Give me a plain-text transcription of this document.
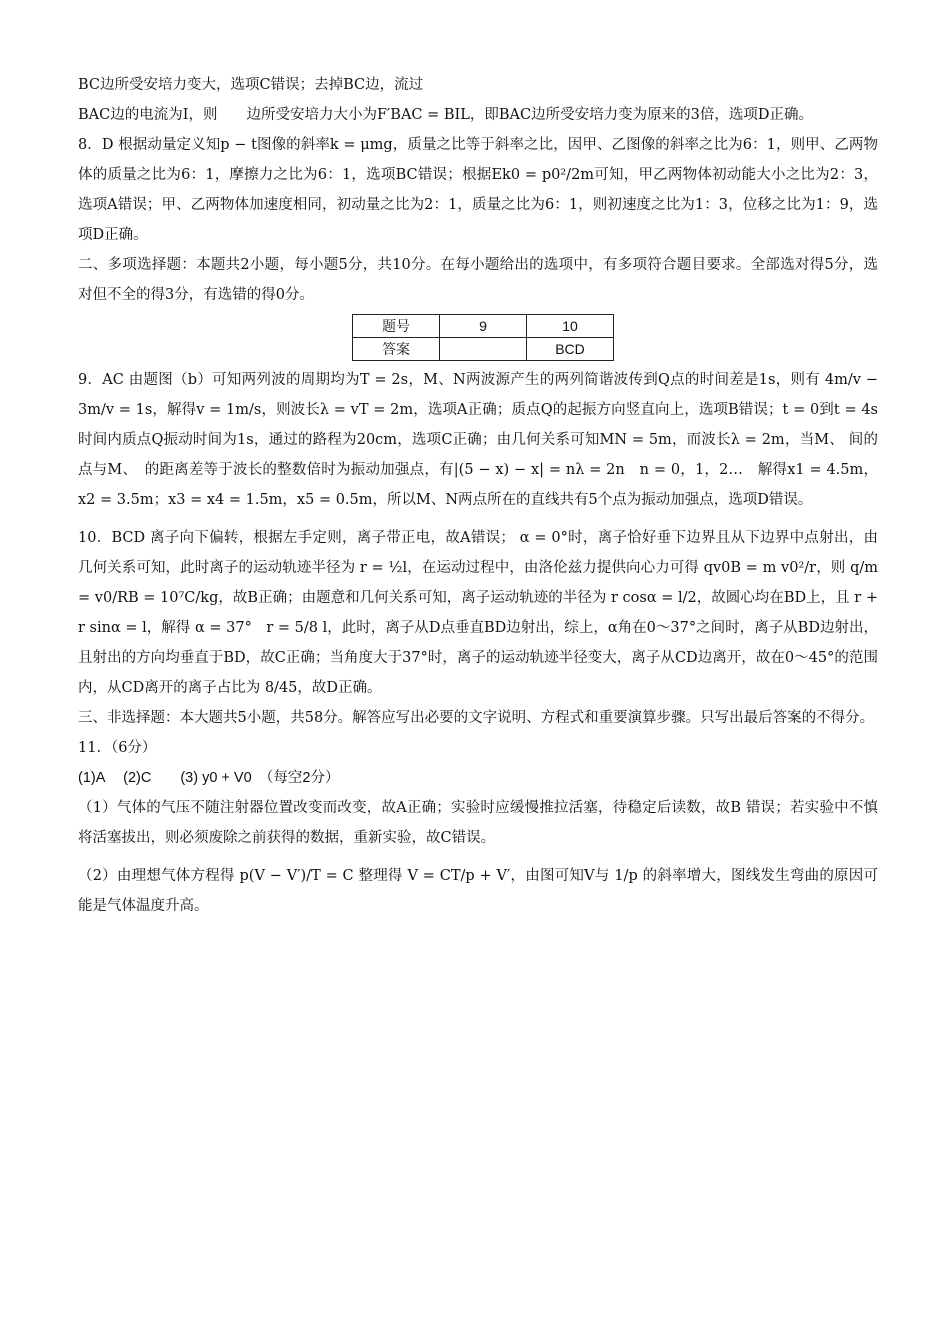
BC边所受安培力变大，选项C错误；去掉BC边，流过

BAC边的电流为I，则　　边所受安培力大小为F′BAC = BIL，即BAC边所受安培力变为原来的3倍，选项D正确。

8．D 根据动量定义知p − t图像的斜率k = μmg，质量之比等于斜率之比，因甲、乙图像的斜率之比为6：1，则甲、乙两物体的质量之比为6：1，摩擦力之比为6：1，选项BC错误；根据Ek0 = p0²/2m可知，甲乙两物体初动能大小之比为2：3，选项A错误；甲、乙两物体加速度相同，初动量之比为2：1，质量之比为6：1，则初速度之比为1：3，位移之比为1：9，选项D正确。

二、多项选择题：本题共2小题，每小题5分，共10分。在每小题给出的选项中，有多项符合题目要求。全部选对得5分，选对但不全的得3分，有选错的得0分。

题号	9	10
答案		BCD

9．AC 由题图（b）可知两列波的周期均为T = 2s，M、N两波源产生的两列简谐波传到Q点的时间差是1s，则有 4m/v − 3m/v = 1s，解得v = 1m/s，则波长λ = vT = 2m，选项A正确；质点Q的起振方向竖直向上，选项B错误；t = 0到t = 4s时间内质点Q振动时间为1s，通过的路程为20cm，选项C正确；由几何关系可知MN = 5m，而波长λ = 2m，当M、 间的点与M、　的距离差等于波长的整数倍时为振动加强点，有|(5 − x) − x| = nλ = 2n　n = 0，1，2…　解得x1 = 4.5m，x2 = 3.5m；x3 = x4 = 1.5m，x5 = 0.5m，所以M、N两点所在的直线共有5个点为振动加强点，选项D错误。

10．BCD 离子向下偏转，根据左手定则，离子带正电，故A错误； α = 0°时，离子恰好垂下边界且从下边界中点射出，由几何关系可知，此时离子的运动轨迹半径为 r = ½l，在运动过程中，由洛伦兹力提供向心力可得 qv0B = m v0²/r，则 q/m = v0/RB = 10⁷C/kg，故B正确；由题意和几何关系可知，离子运动轨迹的半径为 r cosα = l/2，故圆心均在BD上，且 r + r sinα = l，解得 α = 37°　r = 5/8 l，此时，离子从D点垂直BD边射出，综上，α角在0～37°之间时，离子从BD边射出，且射出的方向均垂直于BD，故C正确；当角度大于37°时，离子的运动轨迹半径变大，离子从CD边离开，故在0～45°的范围内，从CD离开的离子占比为 8/45，故D正确。

三、非选择题：本大题共5小题，共58分。解答应写出必要的文字说明、方程式和重要演算步骤。只写出最后答案的不得分。

11．（6分）

(1)A　 (2)C　　(3) y0 + V0　（每空2分）

（1）气体的气压不随注射器位置改变而改变，故A正确；实验时应缓慢推拉活塞，待稳定后读数，故B 错误；若实验中不慎将活塞拔出，则必须废除之前获得的数据，重新实验，故C错误。

（2）由理想气体方程得 p(V − V′)/T = C 整理得 V = CT/p + V′，由图可知V与 1/p 的斜率增大，图线发生弯曲的原因可能是气体温度升高。
